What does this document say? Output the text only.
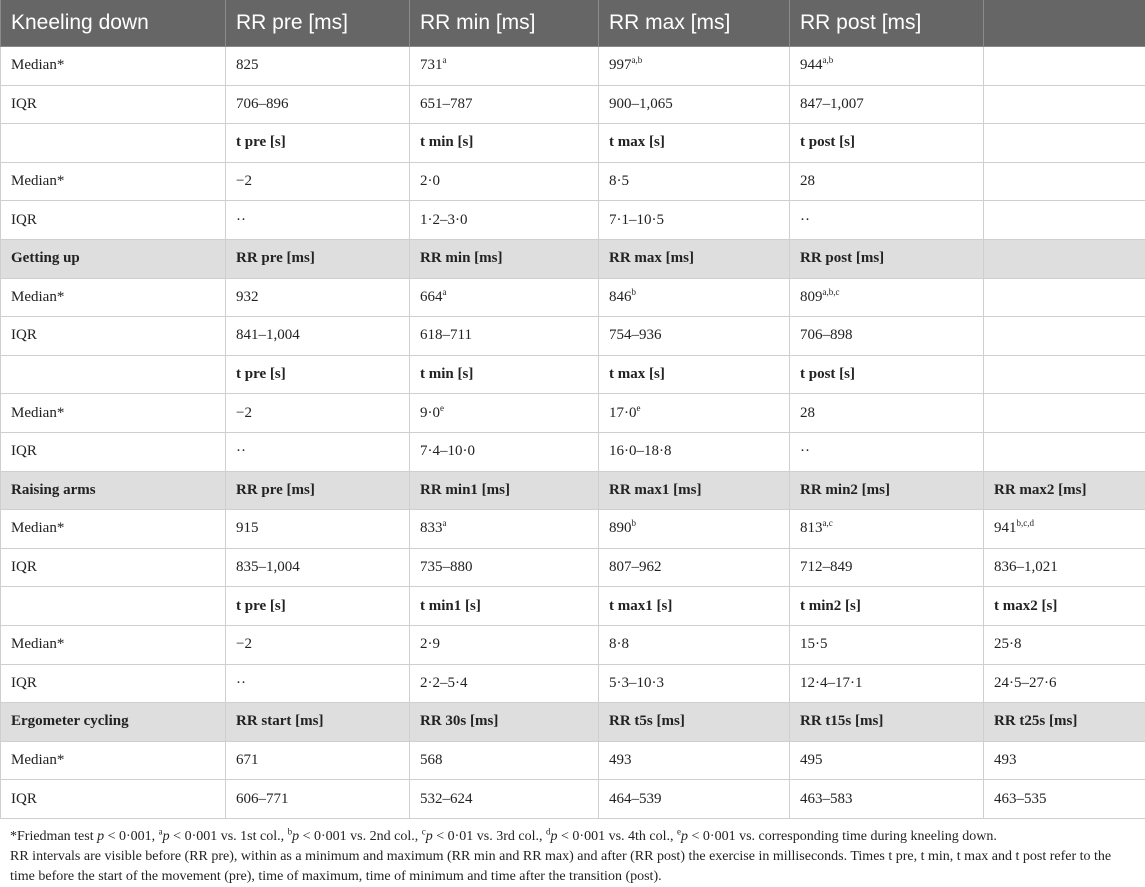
Kneeling down	RR pre [ms]	RR min [ms]	RR max [ms]	RR post [ms]	
Median*	825	731$^a$	997$^{a,b}$	944$^{a,b}$	
IQR	706–896	651–787	900–1,065	847–1,007	
	t pre [s]	t min [s]	t max [s]	t post [s]	
Median*	−2	2·0	8·5	28	
IQR	··	1·2–3·0	7·1–10·5	··	
Getting up	RR pre [ms]	RR min [ms]	RR max [ms]	RR post [ms]	
Median*	932	664$^a$	846$^b$	809$^{a,b,c}$	
IQR	841–1,004	618–711	754–936	706–898	
	t pre [s]	t min [s]	t max [s]	t post [s]	
Median*	−2	$9\cdot 0^e$	$17\cdot 0^e$	28	
IQR	··	7·4–10·0	16·0–18·8	··	
Raising arms	RR pre [ms]	RR min1 [ms]	RR max1 [ms]	RR min2 [ms]	RR max2 [ms]
Median*	915	833$^a$	890$^b$	813$^{a,c}$	941$^{b,c,d}$
IQR	835–1,004	735–880	807–962	712–849	836–1,021
	t pre [s]	t min1 [s]	t max1 [s]	t min2 [s]	t max2 [s]
Median*	−2	2·9	8·8	15·5	25·8
IQR	··	2·2–5·4	5·3–10·3	12·4–17·1	24·5–27·6
Ergometer cycling	RR start [ms]	RR 30s [ms]	RR t5s [ms]	RR t15s [ms]	RR t25s [ms]
Median*	671	568	493	495	493
IQR	606–771	532–624	464–539	463–583	463–535

*Friedman test p < 0·001, $^a$p < 0·001 vs. 1st col., $^b$p < 0·001 vs. 2nd col., $^c$p < 0·01 vs. 3rd col., $^d$p < 0·001 vs. 4th col., $^e$p < 0·001 vs. corresponding time during kneeling down.

RR intervals are visible before (RR pre), within as a minimum and maximum (RR min and RR max) and after (RR post) the exercise in milliseconds. Times t pre, t min, t max and t post refer to the time before the start of the movement (pre), time of maximum, time of minimum and time after the transition (post).
